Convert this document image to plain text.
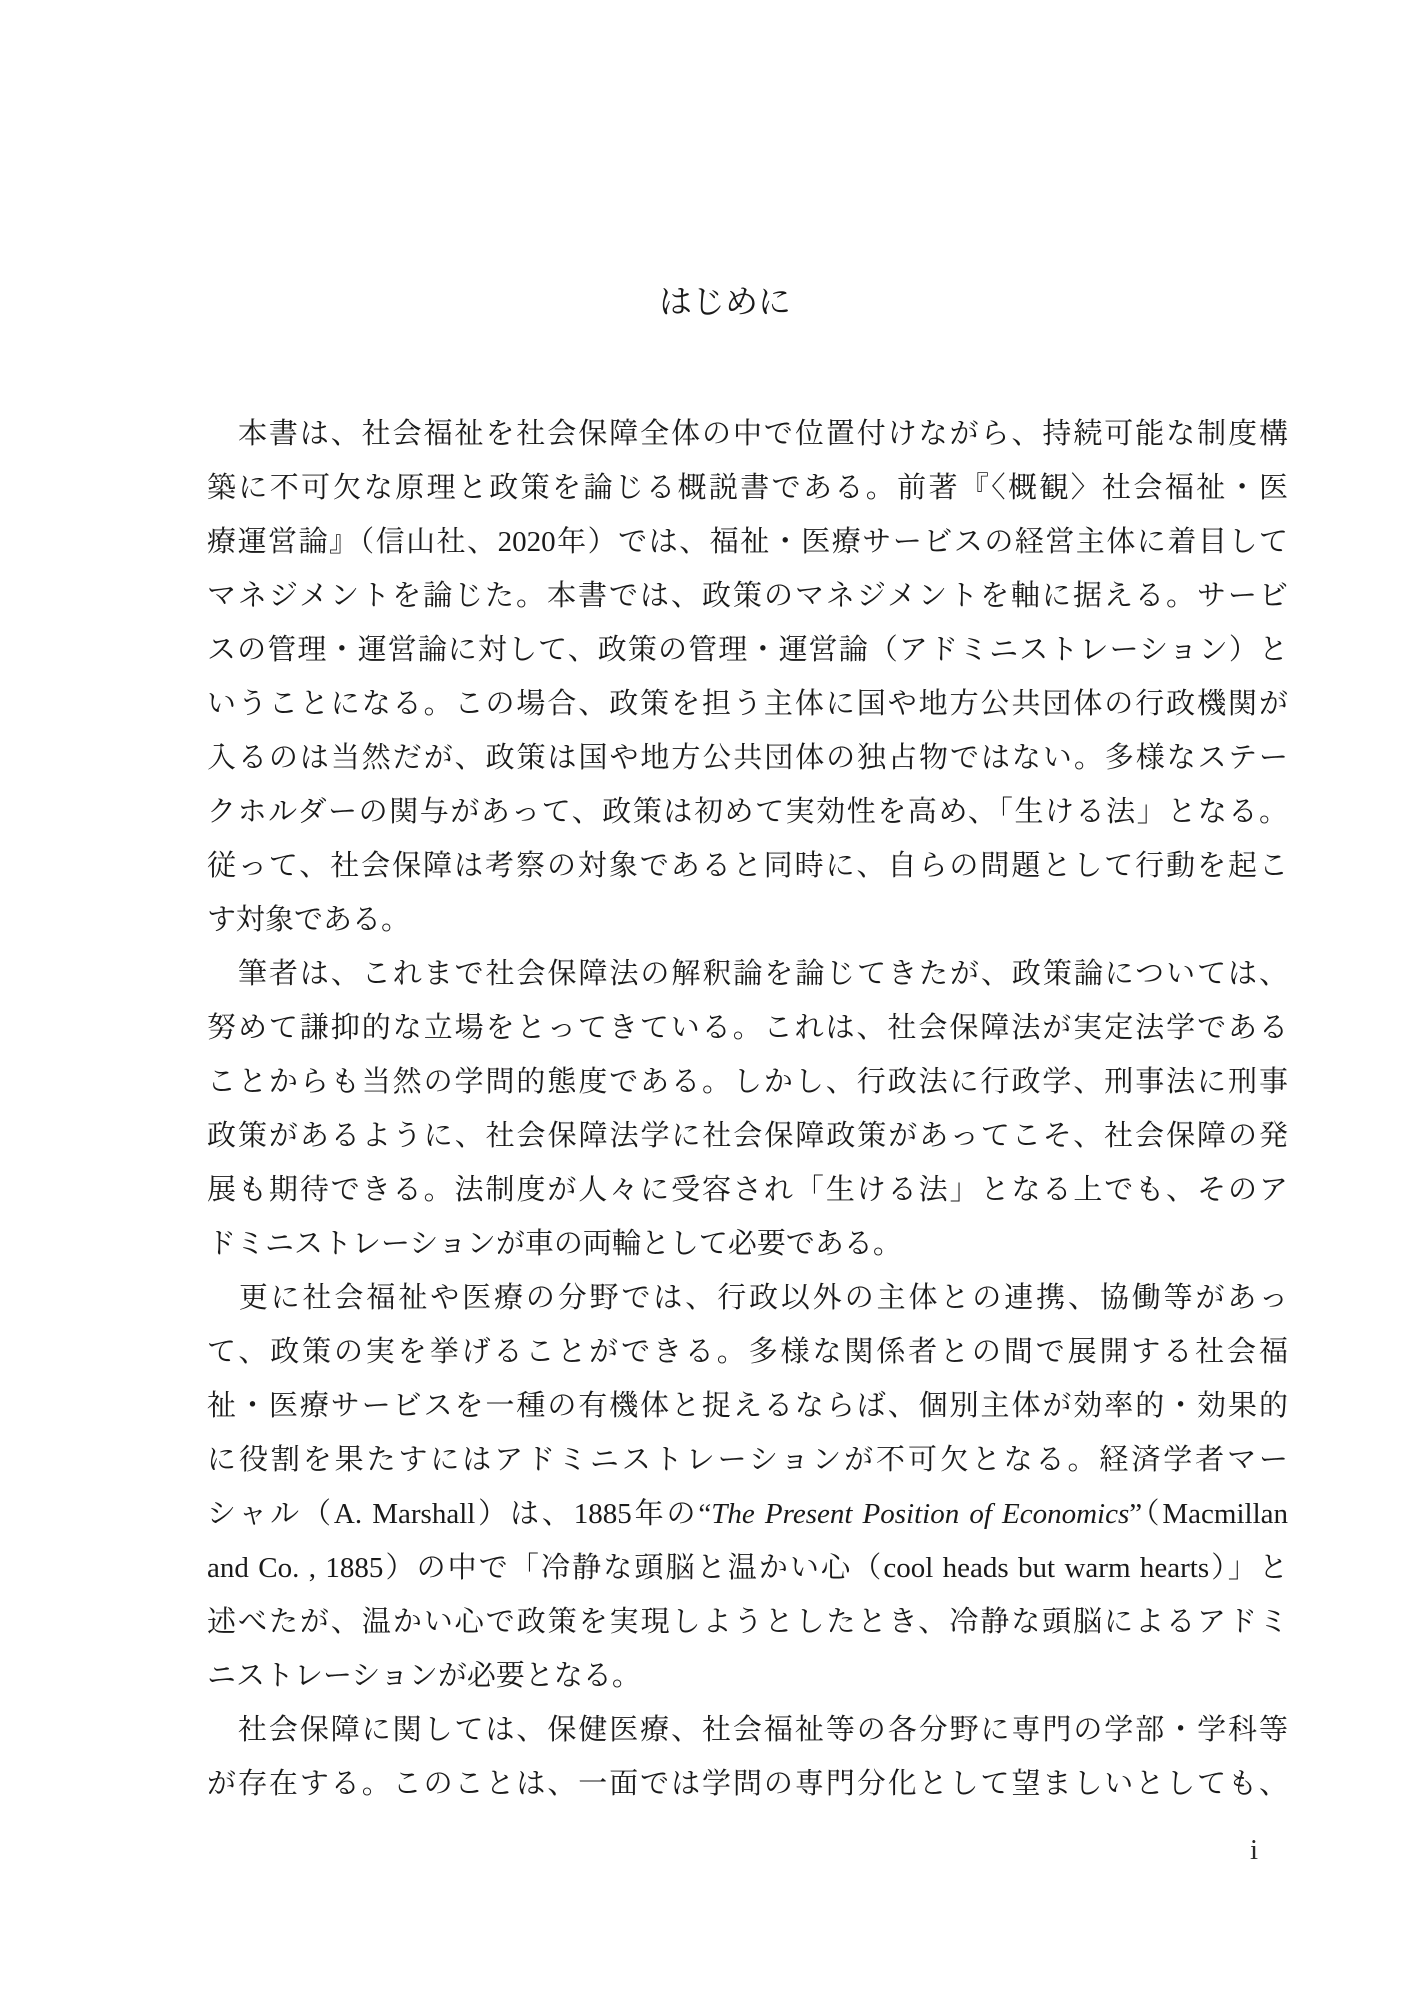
はじめに
　本書は、社会福祉を社会保障全体の中で位置付けながら、持続可能な制度構
築に不可欠な原理と政策を論じる概説書である。前著『〈概観〉社会福祉・医
療運営論』（信山社、2020年）では、福祉・医療サービスの経営主体に着目して
マネジメントを論じた。本書では、政策のマネジメントを軸に据える。サービ
スの管理・運営論に対して、政策の管理・運営論（アドミニストレーション）と
いうことになる。この場合、政策を担う主体に国や地方公共団体の行政機関が
入るのは当然だが、政策は国や地方公共団体の独占物ではない。多様なステー
クホルダーの関与があって、政策は初めて実効性を高め、「生ける法」となる。
従って、社会保障は考察の対象であると同時に、自らの問題として行動を起こ
す対象である。
　筆者は、これまで社会保障法の解釈論を論じてきたが、政策論については、
努めて謙抑的な立場をとってきている。これは、社会保障法が実定法学である
ことからも当然の学問的態度である。しかし、行政法に行政学、刑事法に刑事
政策があるように、社会保障法学に社会保障政策があってこそ、社会保障の発
展も期待できる。法制度が人々に受容され「生ける法」となる上でも、そのア
ドミニストレーションが車の両輪として必要である。
　更に社会福祉や医療の分野では、行政以外の主体との連携、協働等があっ
て、政策の実を挙げることができる。多様な関係者との間で展開する社会福
祉・医療サービスを一種の有機体と捉えるならば、個別主体が効率的・効果的
に役割を果たすにはアドミニストレーションが不可欠となる。経済学者マー
シャル（A. Marshall）は、1885年の“The Present Position of Economics”（Macmillan
and Co. , 1885）の中で「冷静な頭脳と温かい心（cool heads but warm hearts）」と
述べたが、温かい心で政策を実現しようとしたとき、冷静な頭脳によるアドミ
ニストレーションが必要となる。
　社会保障に関しては、保健医療、社会福祉等の各分野に専門の学部・学科等
が存在する。このことは、一面では学問の専門分化として望ましいとしても、
i
